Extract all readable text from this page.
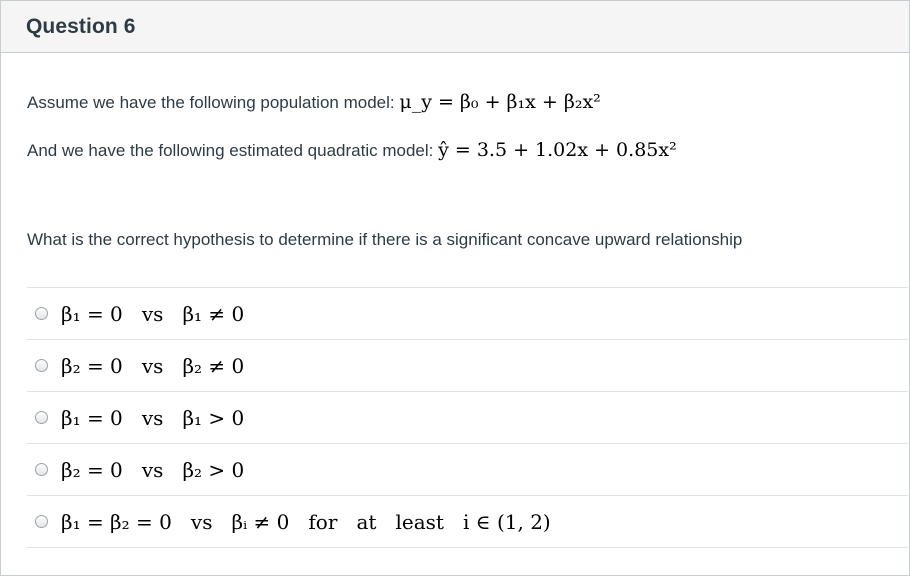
Question 6
Assume we have the following population model: μ_y = β₀ + β₁x + β₂x²
And we have the following estimated quadratic model: ŷ = 3.5 + 1.02x + 0.85x²
What is the correct hypothesis to determine if there is a significant concave upward relationship
β₁ = 0   vs   β₁ ≠ 0
β₂ = 0   vs   β₂ ≠ 0
β₁ = 0   vs   β₁ > 0
β₂ = 0   vs   β₂ > 0
β₁ = β₂ = 0   vs   βᵢ ≠ 0   for   at   least   i ∈ (1, 2)
